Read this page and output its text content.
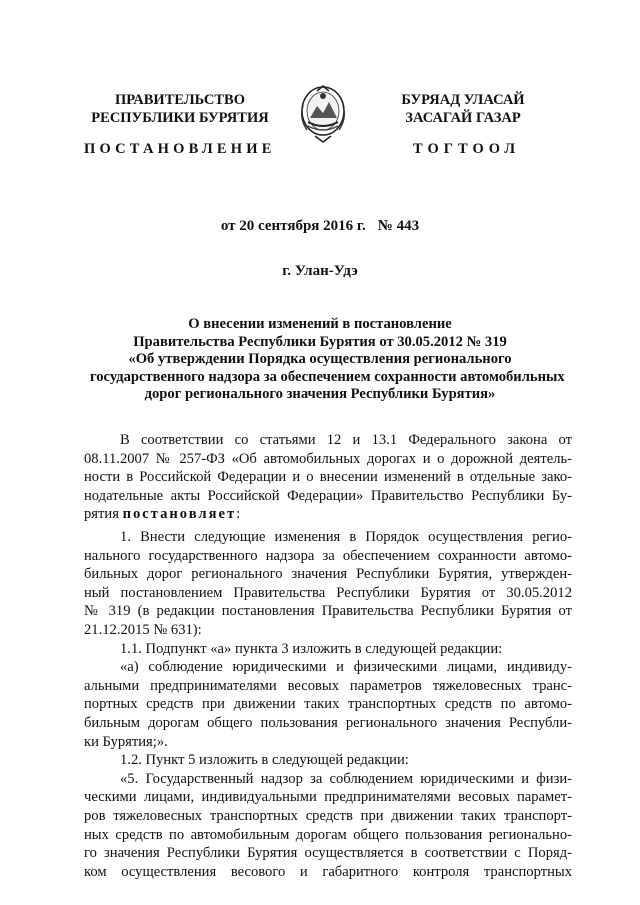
ПРАВИТЕЛЬСТВО
РЕСПУБЛИКИ БУРЯТИЯ
БУРЯАД УЛАСАЙ
ЗАСАГАЙ ГАЗАР
ПОСТАНОВЛЕНИЕ	ТОГТООЛ
от 20 сентября 2016 г. № 443
г. Улан-Удэ
О внесении изменений в постановление
Правительства Республики Бурятия от 30.05.2012 № 319
«Об утверждении Порядка осуществления регионального
государственного надзора за обеспечением сохранности автомобильных
дорог регионального значения Республики Бурятия»
В соответствии со статьями 12 и 13.1 Федерального закона от
08.11.2007 № 257-ФЗ «Об автомобильных дорогах и о дорожной деятель-
ности в Российской Федерации и о внесении изменений в отдельные зако-
нодательные акты Российской Федерации» Правительство Республики Бу-
рятия постановляет:
1. Внести следующие изменения в Порядок осуществления регио-
нального государственного надзора за обеспечением сохранности автомо-
бильных дорог регионального значения Республики Бурятия, утвержден-
ный постановлением Правительства Республики Бурятия от 30.05.2012
№ 319 (в редакции постановления Правительства Республики Бурятия от
21.12.2015 № 631):
1.1. Подпункт «а» пункта 3 изложить в следующей редакции:
«а) соблюдение юридическими и физическими лицами, индивиду-
альными предпринимателями весовых параметров тяжеловесных транс-
портных средств при движении таких транспортных средств по автомо-
бильным дорогам общего пользования регионального значения Республи-
ки Бурятия;».
1.2. Пункт 5 изложить в следующей редакции:
«5. Государственный надзор за соблюдением юридическими и физи-
ческими лицами, индивидуальными предпринимателями весовых парамет-
ров тяжеловесных транспортных средств при движении таких транспорт-
ных средств по автомобильным дорогам общего пользования регионально-
го значения Республики Бурятия осуществляется в соответствии с Поряд-
ком осуществления весового и габаритного контроля транспортных
